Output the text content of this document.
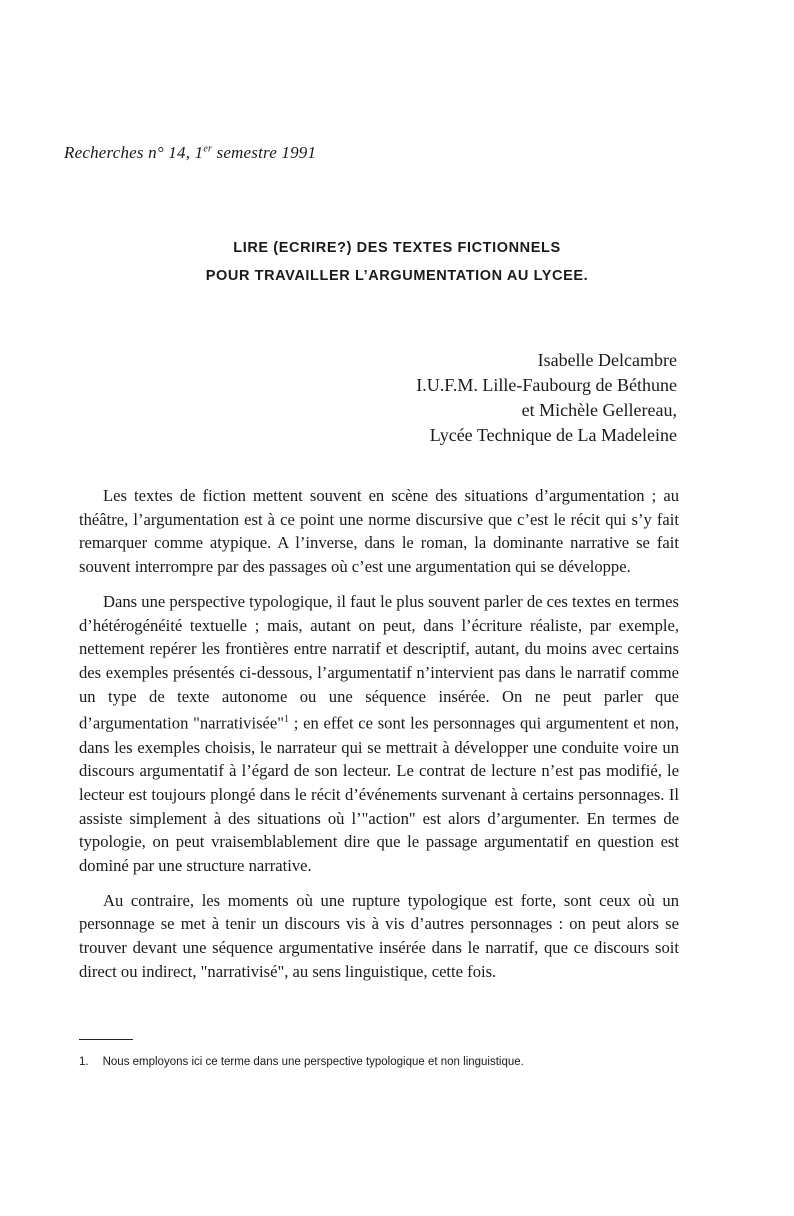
Recherches n° 14, 1er semestre 1991
LIRE (ECRIRE?) DES TEXTES FICTIONNELS
POUR TRAVAILLER L’ARGUMENTATION AU LYCEE.
Isabelle Delcambre
I.U.F.M. Lille-Faubourg de Béthune
et Michèle Gellereau,
Lycée Technique de La Madeleine

Les textes de fiction mettent souvent en scène des situations d’argumentation ; au théâtre, l’argumentation est à ce point une norme discursive que c’est le récit qui s’y fait remarquer comme atypique. A l’inverse, dans le roman, la dominante narrative se fait souvent interrompre par des passages où c’est une argumentation qui se développe.

Dans une perspective typologique, il faut le plus souvent parler de ces textes en termes d’hétérogénéité textuelle ; mais, autant on peut, dans l’écriture réaliste, par exemple, nettement repérer les frontières entre narratif et descriptif, autant, du moins avec certains des exemples présentés ci-dessous, l’argumentatif n’intervient pas dans le narratif comme un type de texte autonome ou une séquence insérée. On ne peut parler que d’argumentation "narrativisée"$^1$ ; en effet ce sont les personnages qui argumentent et non, dans les exemples choisis, le narrateur qui se mettrait à développer une conduite voire un discours argumentatif à l’égard de son lecteur. Le contrat de lecture n’est pas modifié, le lecteur est toujours plongé dans le récit d’événements survenant à certains personnages. Il assiste simplement à des situations où l’"action" est alors d’argumenter. En termes de typologie, on peut vraisemblablement dire que le passage argumentatif en question est dominé par une structure narrative.

Au contraire, les moments où une rupture typologique est forte, sont ceux où un personnage se met à tenir un discours vis à vis d’autres personnages : on peut alors se trouver devant une séquence argumentative insérée dans le narratif, que ce discours soit direct ou indirect, "narrativisé", au sens linguistique, cette fois.

1. Nous employons ici ce terme dans une perspective typologique et non linguistique.
